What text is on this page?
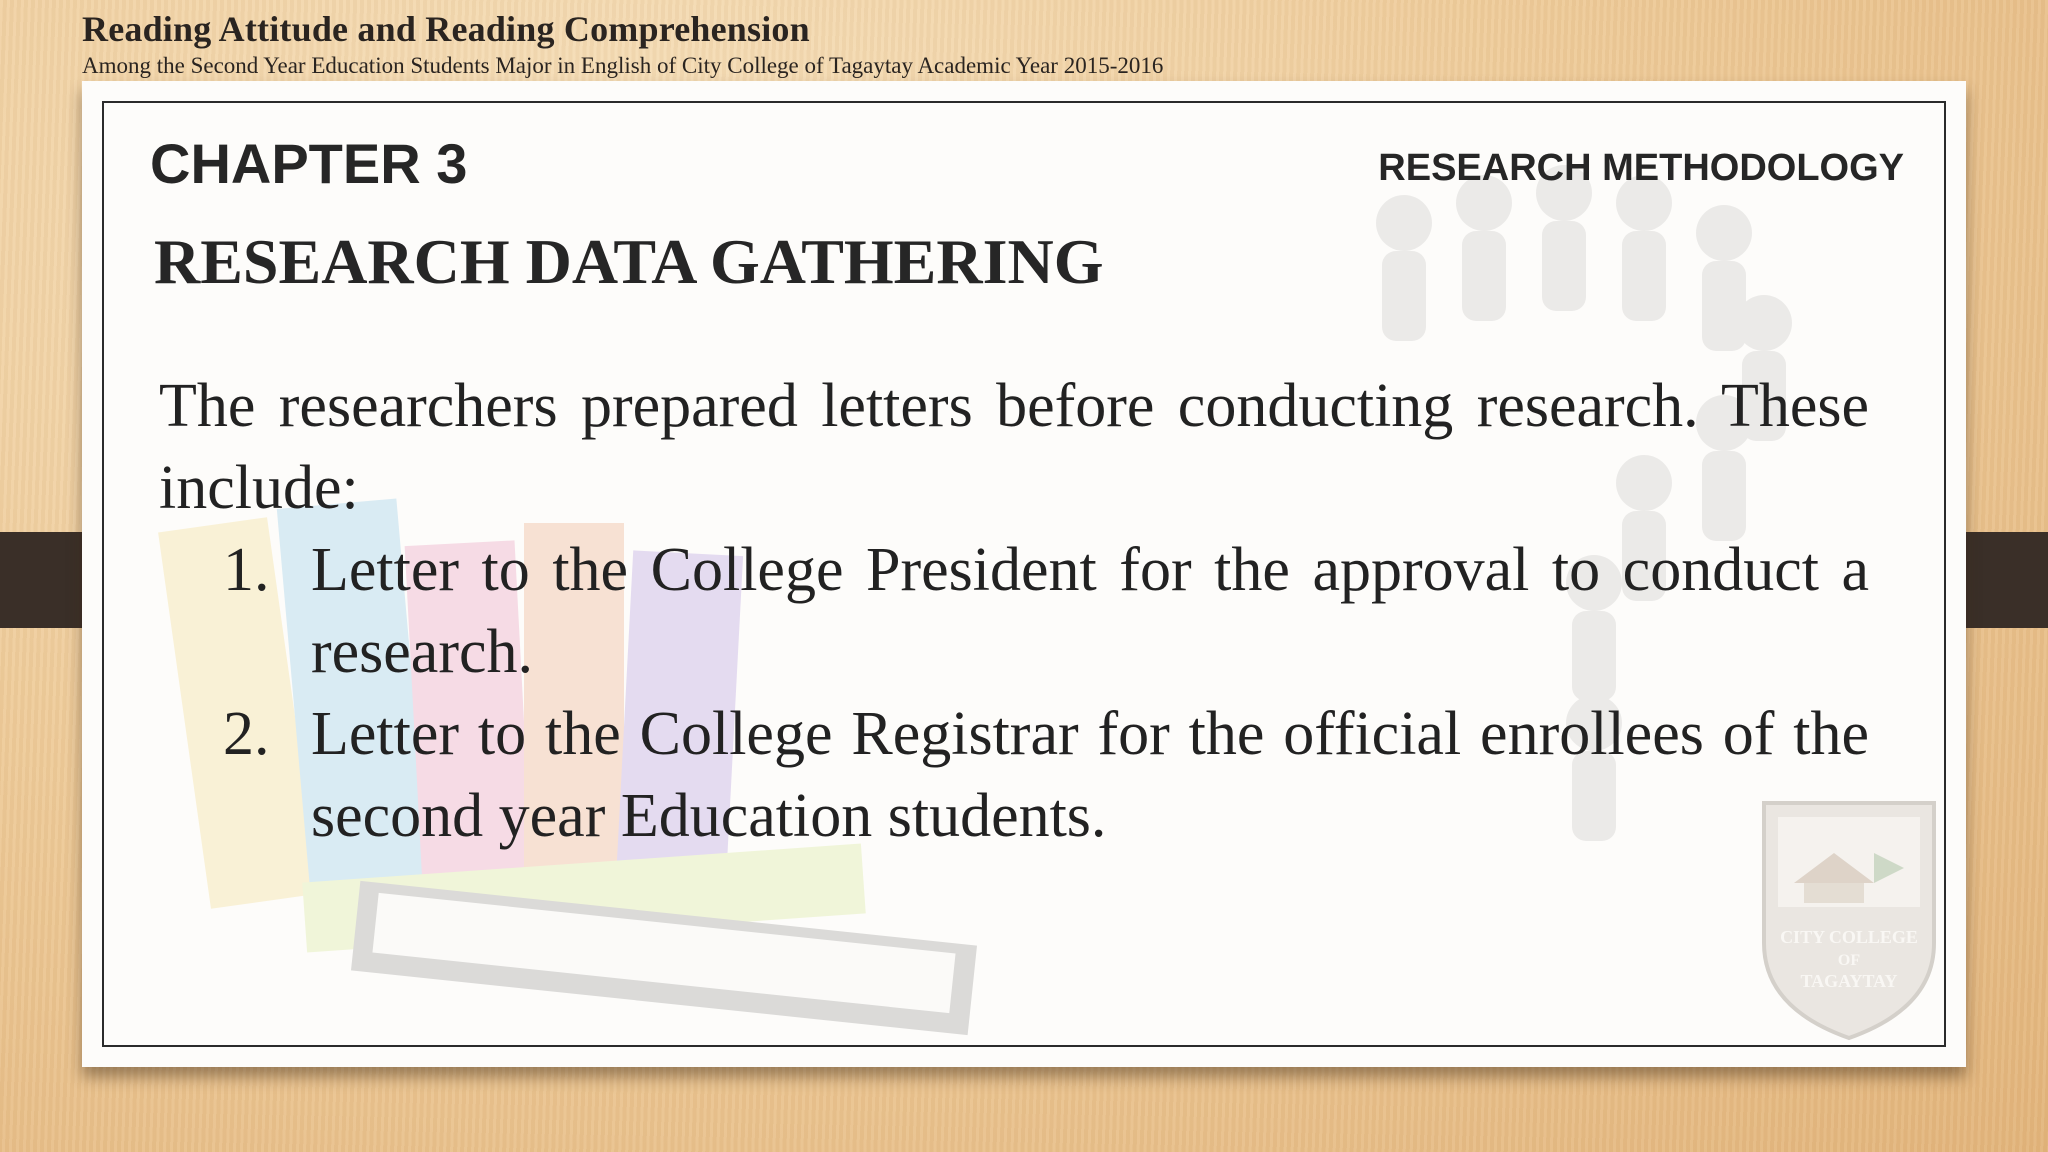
Reading Attitude and Reading Comprehension
Among the Second Year Education Students Major in English of City College of Tagaytay Academic Year 2015-2016
CITY COLLEGE
OF
TAGAYTAY
CHAPTER 3	RESEARCH METHODOLOGY
RESEARCH DATA GATHERING

The researchers prepared letters before conducting research. These include:

1. Letter to the College President for the approval to conduct a research.
2. Letter to the College Registrar for the official enrollees of the second year Education students.
